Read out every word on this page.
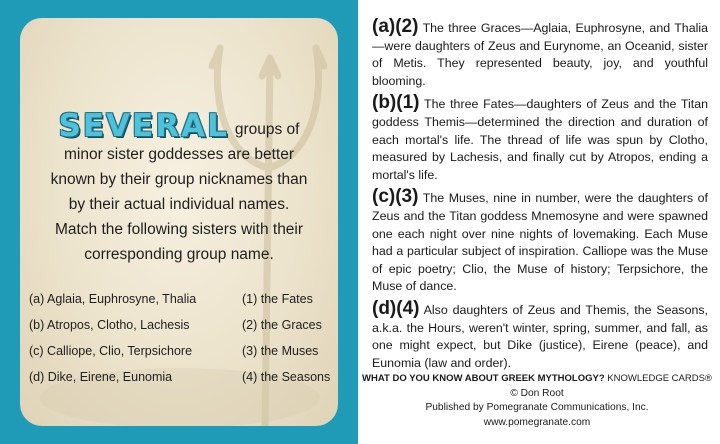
SEVERAL groups of
minor sister goddesses are better
known by their group nicknames than
by their actual individual names.
Match the following sisters with their
corresponding group name.
(a) Aglaia, Euphrosyne, Thalia	(1) the Fates
(b) Atropos, Clotho, Lachesis	(2) the Graces
(c) Calliope, Clio, Terpsichore	(3) the Muses
(d) Dike, Eirene, Eunomia	(4) the Seasons

(a)(2) The three Graces—Aglaia, Euphrosyne, and Thalia—were daughters of Zeus and Eurynome, an Oceanid, sister of Metis. They represented beauty, joy, and youthful blooming.

(b)(1) The three Fates—daughters of Zeus and the Titan goddess Themis—determined the direction and duration of each mortal's life. The thread of life was spun by Clotho, measured by Lachesis, and finally cut by Atropos, ending a mortal's life.

(c)(3) The Muses, nine in number, were the daughters of Zeus and the Titan goddess Mnemosyne and were spawned one each night over nine nights of lovemaking. Each Muse had a particular subject of inspiration. Calliope was the Muse of epic poetry; Clio, the Muse of history; Terpsichore, the Muse of dance.

(d)(4) Also daughters of Zeus and Themis, the Seasons, a.k.a. the Hours, weren't winter, spring, summer, and fall, as one might expect, but Dike (justice), Eirene (peace), and Eunomia (law and order).

WHAT DO YOU KNOW ABOUT GREEK MYTHOLOGY? KNOWLEDGE CARDS®
© Don Root
Published by Pomegranate Communications, Inc.
www.pomegranate.com
